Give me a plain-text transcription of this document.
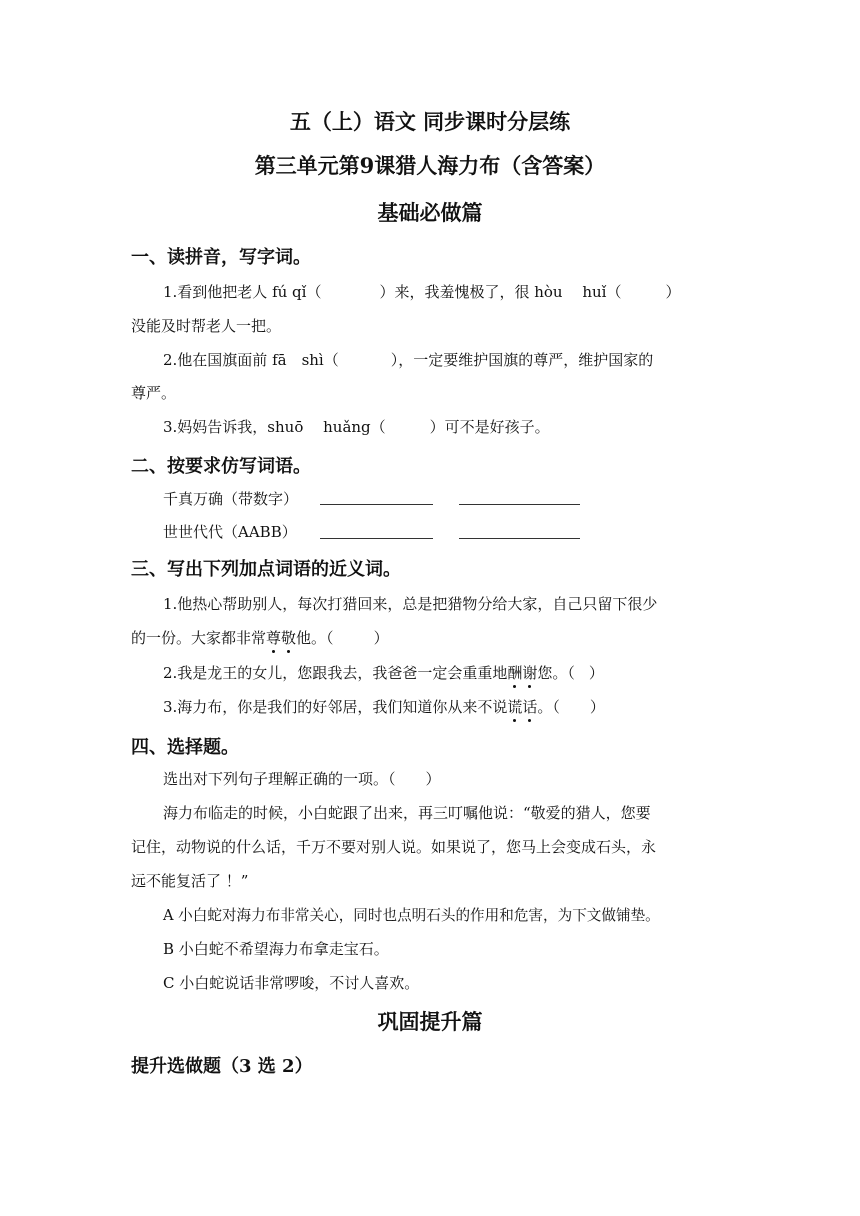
五（上）语文 同步课时分层练
第三单元第9课猎人海力布（含答案）
基础必做篇
一、读拼音，写字词。
1.看到他把老人 fú qǐ（	）来，我羞愧极了，很 hòu　 huǐ（	）
没能及时帮老人一把。
2.他在国旗面前 fā　shì（	），一定要维护国旗的尊严，维护国家的
尊严。
3.妈妈告诉我，shuō　 huǎng（	）可不是好孩子。
二、按要求仿写词语。
千真万确（带数字）
世世代代（AABB）
三、写出下列加点词语的近义词。
1.他热心帮助别人，每次打猎回来，总是把猎物分给大家，自己只留下很少
的一份。大家都非常尊敬他。（	）
2.我是龙王的女儿，您跟我去，我爸爸一定会重重地酬谢您。（ ）
3.海力布，你是我们的好邻居，我们知道你从来不说谎话。（ ）
四、选择题。
选出对下列句子理解正确的一项。（ ）
海力布临走的时候，小白蛇跟了出来，再三叮嘱他说：“敬爱的猎人，您要
记住，动物说的什么话，千万不要对别人说。如果说了，您马上会变成石头，永
远不能复活了 ！”
A 小白蛇对海力布非常关心，同时也点明石头的作用和危害，为下文做铺垫。
B 小白蛇不希望海力布拿走宝石。
C 小白蛇说话非常啰唆，不讨人喜欢。
巩固提升篇
提升选做题（3 选 2）
